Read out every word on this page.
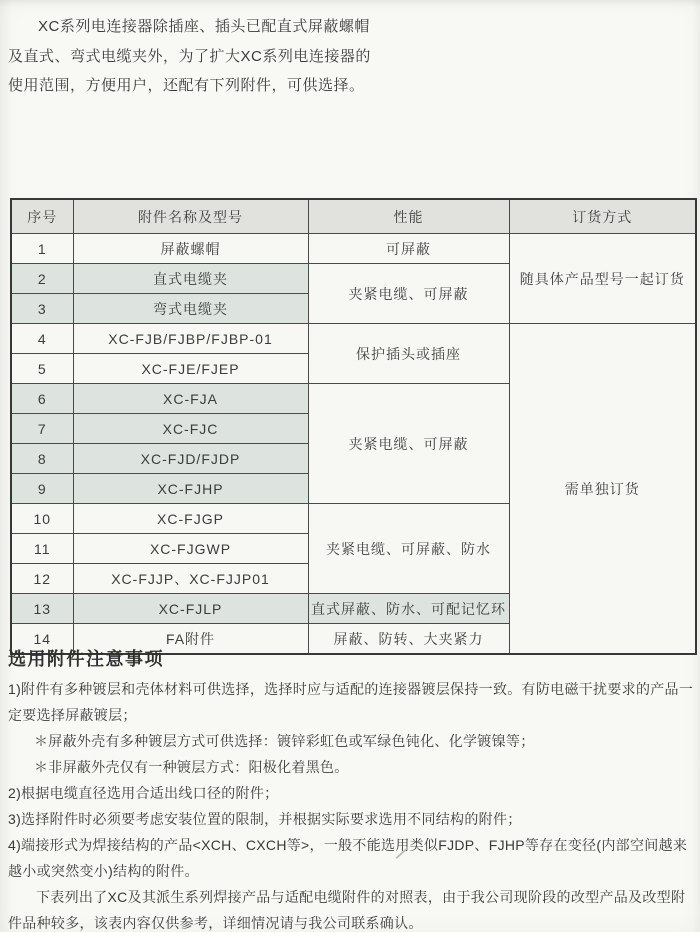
XC系列电连接器除插座、插头已配直式屏蔽螺帽及直式、弯式电缆夹外，为了扩大XC系列电连接器的使用范围，方便用户，还配有下列附件，可供选择。

序号	附件名称及型号	性能	订货方式
1	屏蔽螺帽	可屏蔽	随具体产品型号一起订货
2	直式电缆夹	夹紧电缆、可屏蔽	
3	弯式电缆夹		
4	XC-FJB/FJBP/FJBP-01	保护插头或插座	需单独订货
5	XC-FJE/FJEP		
6	XC-FJA	夹紧电缆、可屏蔽	
7	XC-FJC		
8	XC-FJD/FJDP		
9	XC-FJHP		
10	XC-FJGP	夹紧电缆、可屏蔽、防水	
11	XC-FJGWP		
12	XC-FJJP、XC-FJJP01		
13	XC-FJLP	直式屏蔽、防水、可配记忆环	
14	FA附件	屏蔽、防转、大夹紧力	
选用附件注意事项

1)附件有多种镀层和壳体材料可供选择，选择时应与适配的连接器镀层保持一致。有防电磁干扰要求的产品一定要选择屏蔽镀层；

＊屏蔽外壳有多种镀层方式可供选择：镀锌彩虹色或军绿色钝化、化学镀镍等；

＊非屏蔽外壳仅有一种镀层方式：阳极化着黑色。

2)根据电缆直径选用合适出线口径的附件；

3)选择附件时必须要考虑安装位置的限制，并根据实际要求选用不同结构的附件；

4)端接形式为焊接结构的产品<XCH、CXCH等>，一般不能选用类似FJDP、FJHP等存在变径(内部空间越来越小或突然变小)结构的附件。

下表列出了XC及其派生系列焊接产品与适配电缆附件的对照表，由于我公司现阶段的改型产品及改型附件品种较多，该表内容仅供参考，详细情况请与我公司联系确认。
